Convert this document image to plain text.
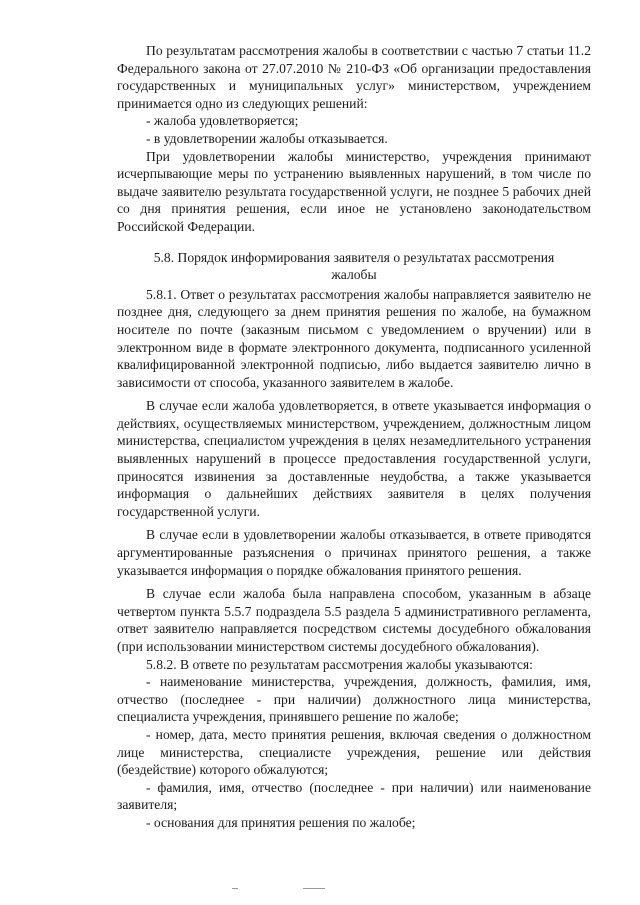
По результатам рассмотрения жалобы в соответствии с частью 7 статьи 11.2 Федерального закона от 27.07.2010 № 210-ФЗ «Об организации предоставления государственных и муниципальных услуг» министерством, учреждением принимается одно из следующих решений:

- жалоба удовлетворяется;

- в удовлетворении жалобы отказывается.

При удовлетворении жалобы министерство, учреждения принимают исчерпывающие меры по устранению выявленных нарушений, в том числе по выдаче заявителю результата государственной услуги, не позднее 5 рабочих дней со дня принятия решения, если иное не установлено законодательством Российской Федерации.

5.8. Порядок информирования заявителя о результатах рассмотрения жалобы

5.8.1. Ответ о результатах рассмотрения жалобы направляется заявителю не позднее дня, следующего за днем принятия решения по жалобе, на бумажном носителе по почте (заказным письмом с уведомлением о вручении) или в электронном виде в формате электронного документа, подписанного усиленной квалифицированной электронной подписью, либо выдается заявителю лично в зависимости от способа, указанного заявителем в жалобе.

В случае если жалоба удовлетворяется, в ответе указывается информация о действиях, осуществляемых министерством, учреждением, должностным лицом министерства, специалистом учреждения в целях незамедлительного устранения выявленных нарушений в процессе предоставления государственной услуги, приносятся извинения за доставленные неудобства, а также указывается информация о дальнейших действиях заявителя в целях получения государственной услуги.

В случае если в удовлетворении жалобы отказывается, в ответе приводятся аргументированные разъяснения о причинах принятого решения, а также указывается информация о порядке обжалования принятого решения.

В случае если жалоба была направлена способом, указанным в абзаце четвертом пункта 5.5.7 подраздела 5.5 раздела 5 административного регламента, ответ заявителю направляется посредством системы досудебного обжалования (при использовании министерством системы досудебного обжалования).

5.8.2. В ответе по результатам рассмотрения жалобы указываются:

- наименование министерства, учреждения, должность, фамилия, имя, отчество (последнее - при наличии) должностного лица министерства, специалиста учреждения, принявшего решение по жалобе;

- номер, дата, место принятия решения, включая сведения о должностном лице министерства, специалисте учреждения, решение или действия (бездействие) которого обжалуются;

- фамилия, имя, отчество (последнее - при наличии) или наименование заявителя;

- основания для принятия решения по жалобе;
